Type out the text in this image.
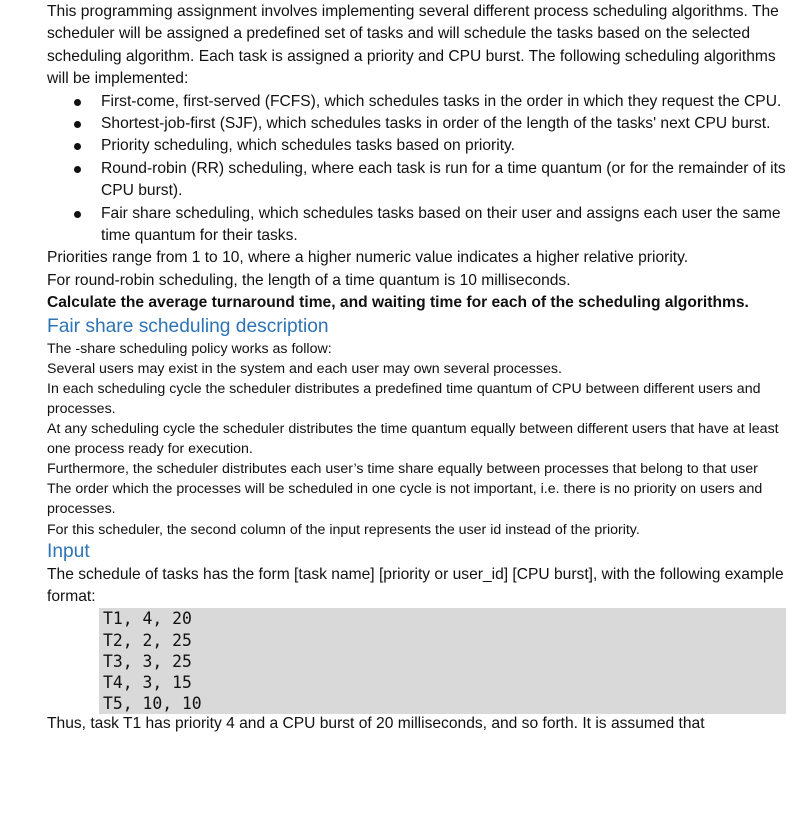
This programming assignment involves implementing several different process scheduling algorithms. The scheduler will be assigned a predefined set of tasks and will schedule the tasks based on the selected scheduling algorithm. Each task is assigned a priority and CPU burst. The following scheduling algorithms will be implemented:

First-come, first-served (FCFS), which schedules tasks in the order in which they request the CPU.
Shortest-job-first (SJF), which schedules tasks in order of the length of the tasks' next CPU burst.
Priority scheduling, which schedules tasks based on priority.
Round-robin (RR) scheduling, where each task is run for a time quantum (or for the remainder of its CPU burst).
Fair share scheduling, which schedules tasks based on their user and assigns each user the same time quantum for their tasks.

Priorities range from 1 to 10, where a higher numeric value indicates a higher relative priority.

For round-robin scheduling, the length of a time quantum is 10 milliseconds.

Calculate the average turnaround time, and waiting time for each of the scheduling algorithms.

Fair share scheduling description

The -share scheduling policy works as follow:

Several users may exist in the system and each user may own several processes.

In each scheduling cycle the scheduler distributes a predefined time quantum of CPU between different users and processes.

At any scheduling cycle the scheduler distributes the time quantum equally between different users that have at least one process ready for execution.

Furthermore, the scheduler distributes each user’s time share equally between processes that belong to that user

The order which the processes will be scheduled in one cycle is not important, i.e. there is no priority on users and processes.

For this scheduler, the second column of the input represents the user id instead of the priority.

Input

The schedule of tasks has the form [task name] [priority or user_id] [CPU burst], with the following example format:

T1, 4, 20
T2, 2, 25
T3, 3, 25
T4, 3, 15
T5, 10, 10

Thus, task T1 has priority 4 and a CPU burst of 20 milliseconds, and so forth. It is assumed that
